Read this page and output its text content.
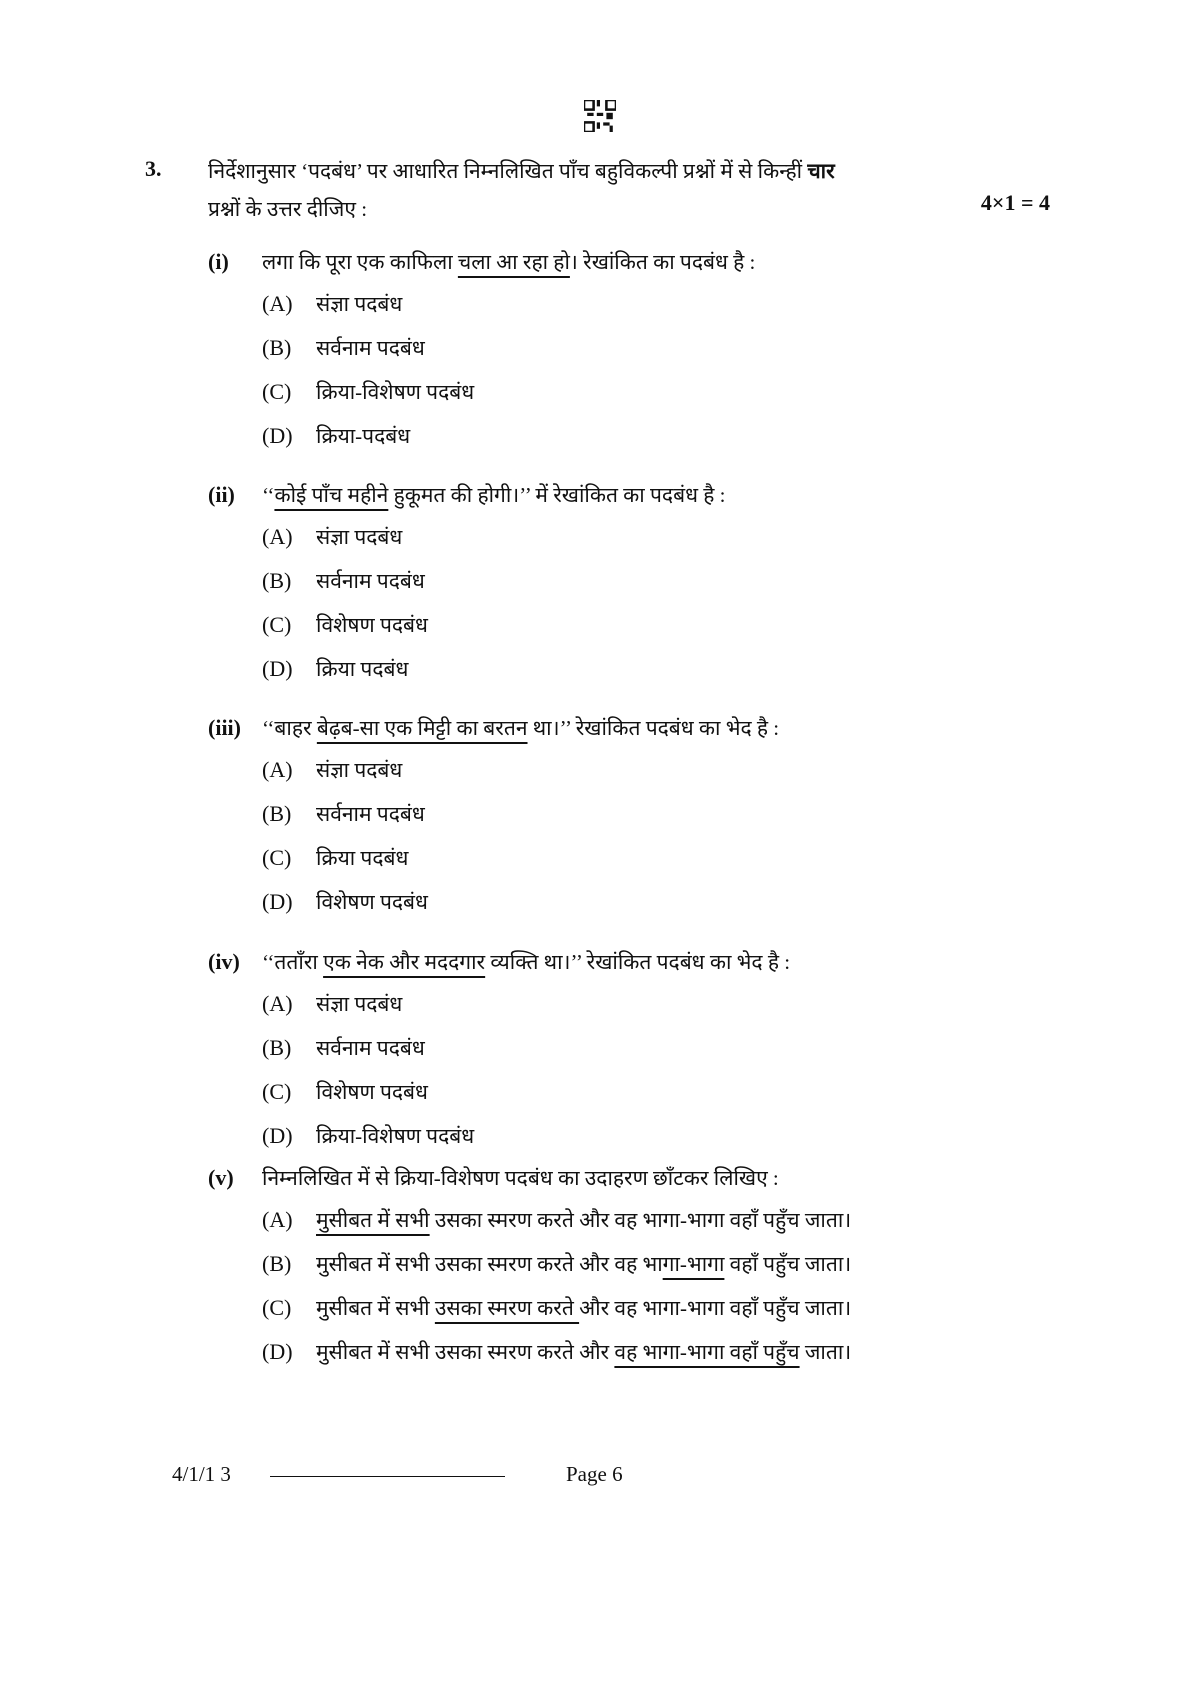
3. निर्देशानुसार ‘पदबंध’ पर आधारित निम्नलिखित पाँच बहुविकल्पी प्रश्नों में से किन्हीं चार
प्रश्नों के उत्तर दीजिए :	4×1 = 4
(i) लगा कि पूरा एक काफिला चला आ रहा हो। रेखांकित का पदबंध है :
(A) संज्ञा पदबंध
(B) सर्वनाम पदबंध
(C) क्रिया-विशेषण पदबंध
(D) क्रिया-पदबंध
(ii) ‘‘कोई पाँच महीने हुकूमत की होगी।’’ में रेखांकित का पदबंध है :
(A) संज्ञा पदबंध
(B) सर्वनाम पदबंध
(C) विशेषण पदबंध
(D) क्रिया पदबंध
(iii) ‘‘बाहर बेढ़ब-सा एक मिट्टी का बरतन था।’’ रेखांकित पदबंध का भेद है :
(A) संज्ञा पदबंध
(B) सर्वनाम पदबंध
(C) क्रिया पदबंध
(D) विशेषण पदबंध
(iv) ‘‘तताँरा एक नेक और मददगार व्यक्ति था।’’ रेखांकित पदबंध का भेद है :
(A) संज्ञा पदबंध
(B) सर्वनाम पदबंध
(C) विशेषण पदबंध
(D) क्रिया-विशेषण पदबंध
(v) निम्नलिखित में से क्रिया-विशेषण पदबंध का उदाहरण छाँटकर लिखिए :
(A) मुसीबत में सभी उसका स्मरण करते और वह भागा-भागा वहाँ पहुँच जाता।
(B) मुसीबत में सभी उसका स्मरण करते और वह भागा-भागा वहाँ पहुँच जाता।
(C) मुसीबत में सभी उसका स्मरण करते और वह भागा-भागा वहाँ पहुँच जाता।
(D) मुसीबत में सभी उसका स्मरण करते और वह भागा-भागा वहाँ पहुँच जाता।
4/1/1 3	Page 6
